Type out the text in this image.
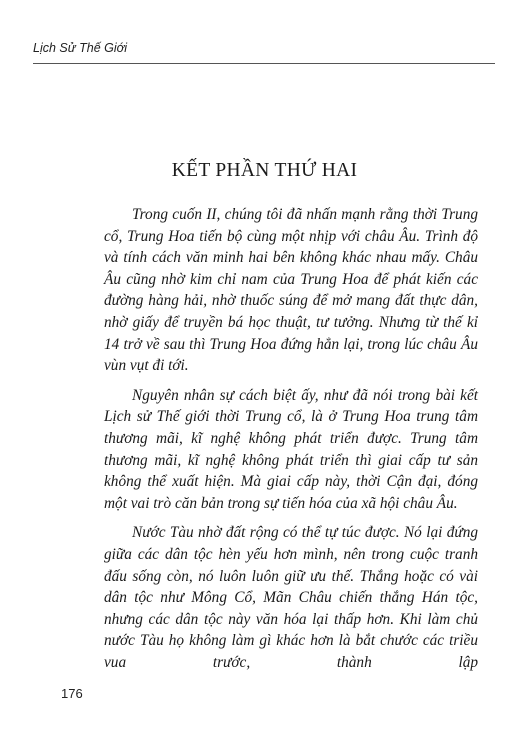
Lịch Sử Thế Giới
KẾT PHẦN THỨ HAI

Trong cuốn II, chúng tôi đã nhấn mạnh rằng thời Trung cổ, Trung Hoa tiến bộ cùng một nhịp với châu Âu. Trình độ và tính cách văn minh hai bên không khác nhau mấy. Châu Âu cũng nhờ kim chỉ nam của Trung Hoa để phát kiến các đường hàng hải, nhờ thuốc súng để mở mang đất thực dân, nhờ giấy để truyền bá học thuật, tư tưởng. Nhưng từ thế kỉ 14 trở về sau thì Trung Hoa đứng hẳn lại, trong lúc châu Âu vùn vụt đi tới.

Nguyên nhân sự cách biệt ấy, như đã nói trong bài kết Lịch sử Thế giới thời Trung cổ, là ở Trung Hoa trung tâm thương mãi, kĩ nghệ không phát triển được. Trung tâm thương mãi, kĩ nghệ không phát triển thì giai cấp tư sản không thể xuất hiện. Mà giai cấp này, thời Cận đại, đóng một vai trò căn bản trong sự tiến hóa của xã hội châu Âu.

Nước Tàu nhờ đất rộng có thể tự túc được. Nó lại đứng giữa các dân tộc hèn yếu hơn mình, nên trong cuộc tranh đấu sống còn, nó luôn luôn giữ ưu thế. Thắng hoặc có vài dân tộc như Mông Cổ, Mãn Châu chiến thắng Hán tộc, nhưng các dân tộc này văn hóa lại thấp hơn. Khi làm chủ nước Tàu họ không làm gì khác hơn là bắt chước các triều vua trước, thành lập

176
